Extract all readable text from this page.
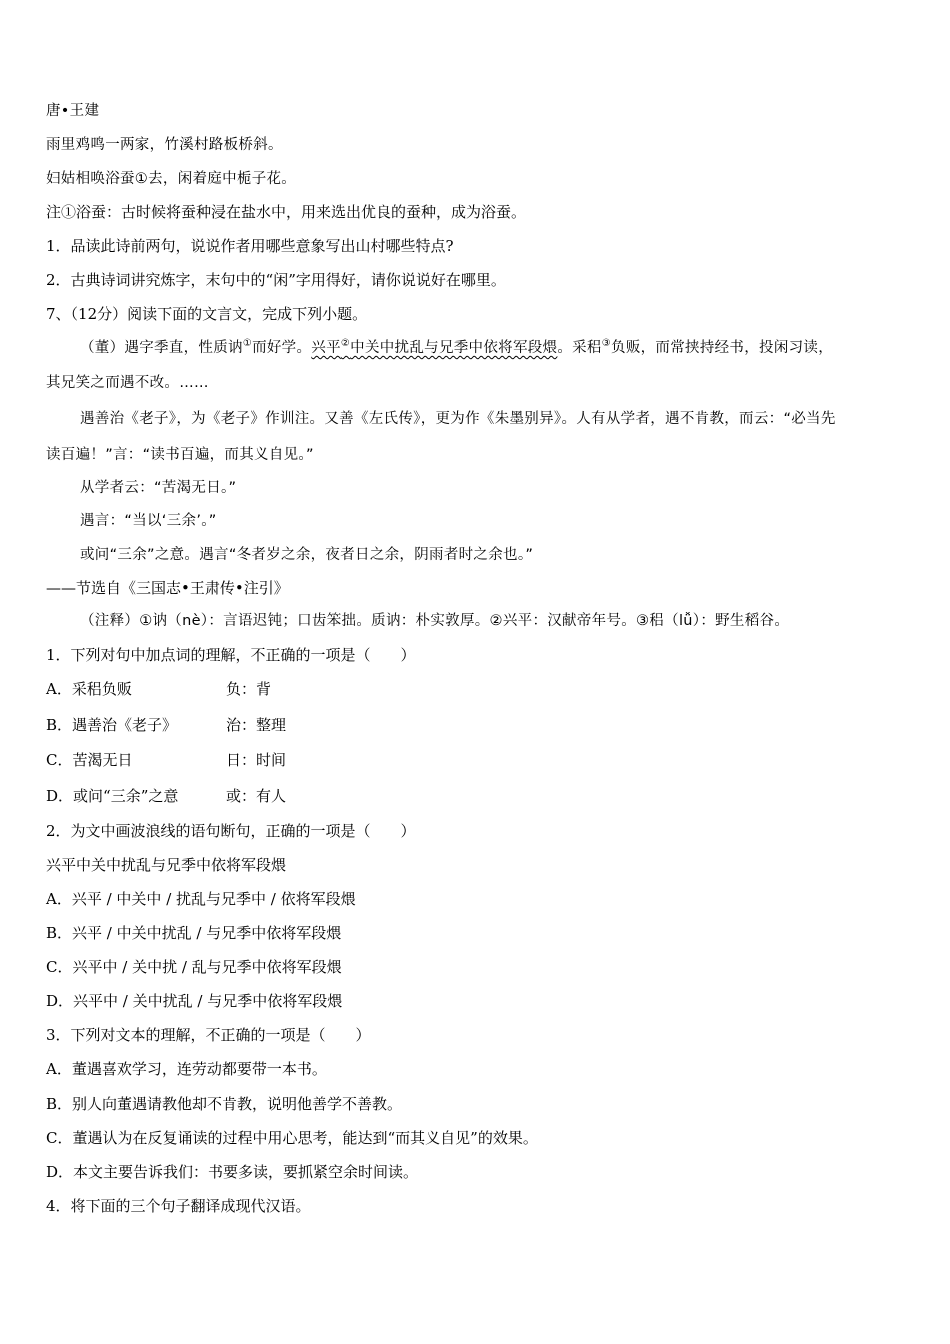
唐•王建
雨里鸡鸣一两家，竹溪村路板桥斜。
妇姑相唤浴蚕①去，闲着庭中栀子花。
注①浴蚕：古时候将蚕种浸在盐水中，用来选出优良的蚕种，成为浴蚕。
1．品读此诗前两句，说说作者用哪些意象写出山村哪些特点?
2．古典诗词讲究炼字，末句中的“闲”字用得好，请你说说好在哪里。
7、（12分）阅读下面的文言文，完成下列小题。
（董）遇字季直，性质讷①而好学。兴平②中关中扰乱与兄季中依将军段煨。采稆③负贩，而常挟持经书，投闲习读，
其兄笑之而遇不改。……
遇善治《老子》，为《老子》作训注。又善《左氏传》，更为作《朱墨别异》。人有从学者，遇不肯教，而云：“必当先
读百遍！”言：“读书百遍，而其义自见。”
从学者云：“苦渴无日。”
遇言：“当以‘三余’。”
或问“三余”之意。遇言“冬者岁之余，夜者日之余，阴雨者时之余也。”
——节选自《三国志•王肃传•注引》
（注释）①讷（nè）：言语迟钝；口齿笨拙。质讷：朴实敦厚。②兴平：汉献帝年号。③稆（lǚ）：野生稻谷。
1．下列对句中加点词的理解，不正确的一项是（　　）
A．采稆负贩	负：背
B．遇善治《老子》	治：整理
C．苦渴无日	日：时间
D．或问“三余”之意	或：有人
2．为文中画波浪线的语句断句，正确的一项是（　　）
兴平中关中扰乱与兄季中依将军段煨
A．兴平 / 中关中 / 扰乱与兄季中 / 依将军段煨
B．兴平 / 中关中扰乱 / 与兄季中依将军段煨
C．兴平中 / 关中扰 / 乱与兄季中依将军段煨
D．兴平中 / 关中扰乱 / 与兄季中依将军段煨
3．下列对文本的理解，不正确的一项是（　　）
A．董遇喜欢学习，连劳动都要带一本书。
B．别人向董遇请教他却不肯教，说明他善学不善教。
C．董遇认为在反复诵读的过程中用心思考，能达到“而其义自见”的效果。
D．本文主要告诉我们：书要多读，要抓紧空余时间读。
4．将下面的三个句子翻译成现代汉语。
